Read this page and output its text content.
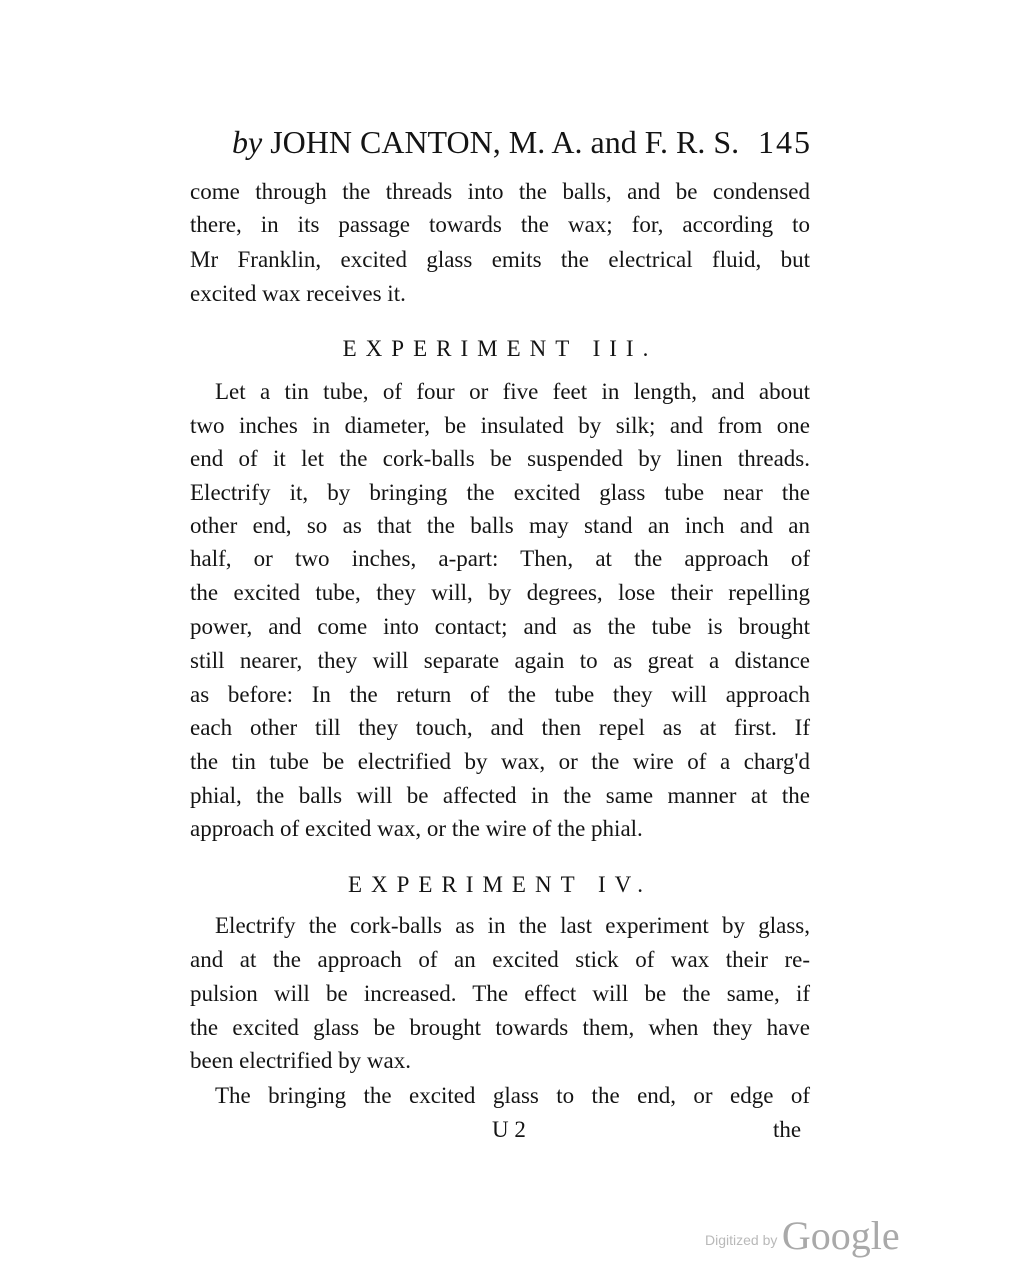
by JOHN CANTON, M. A. and F. R. S. 145
come through the threads into the balls, and be condensed
there, in its passage towards the wax; for, according to
Mr Franklin, excited glass emits the electrical fluid, but
excited wax receives it.
EXPERIMENT III.
Let a tin tube, of four or five feet in length, and about
two inches in diameter, be insulated by silk; and from one
end of it let the cork-balls be suspended by linen threads.
Electrify it, by bringing the excited glass tube near the
other end, so as that the balls may stand an inch and an
half, or two inches, a-part: Then, at the approach of
the excited tube, they will, by degrees, lose their repelling
power, and come into contact; and as the tube is brought
still nearer, they will separate again to as great a distance
as before: In the return of the tube they will approach
each other till they touch, and then repel as at first. If
the tin tube be electrified by wax, or the wire of a charg'd
phial, the balls will be affected in the same manner at the
approach of excited wax, or the wire of the phial.
EXPERIMENT IV.
Electrify the cork-balls as in the last experiment by glass,
and at the approach of an excited stick of wax their re-
pulsion will be increased. The effect will be the same, if
the excited glass be brought towards them, when they have
been electrified by wax.
The bringing the excited glass to the end, or edge of
U 2	the
Digitized by Google
